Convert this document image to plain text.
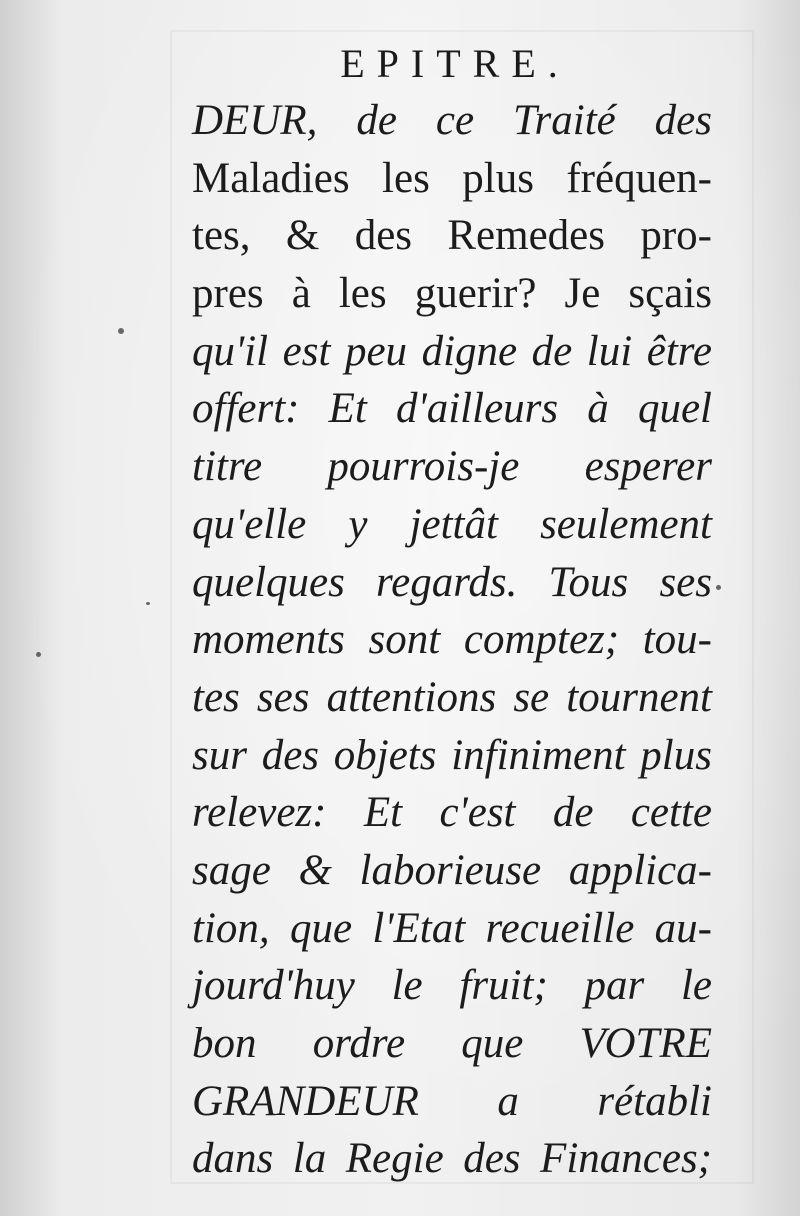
EPITRE.
DEUR, de ce Traité des
Maladies les plus fréquen-
tes, & des Remedes pro-
pres à les guerir? Je sçais
qu'il est peu digne de lui être
offert: Et d'ailleurs à quel
titre pourrois-je esperer
qu'elle y jettât seulement
quelques regards. Tous ses
moments sont comptez; tou-
tes ses attentions se tournent
sur des objets infiniment plus
relevez: Et c'est de cette
sage & laborieuse applica-
tion, que l'Etat recueille au-
jourd'huy le fruit; par le
bon ordre que VOTRE
GRANDEUR a rétabli
dans la Regie des Finances;
